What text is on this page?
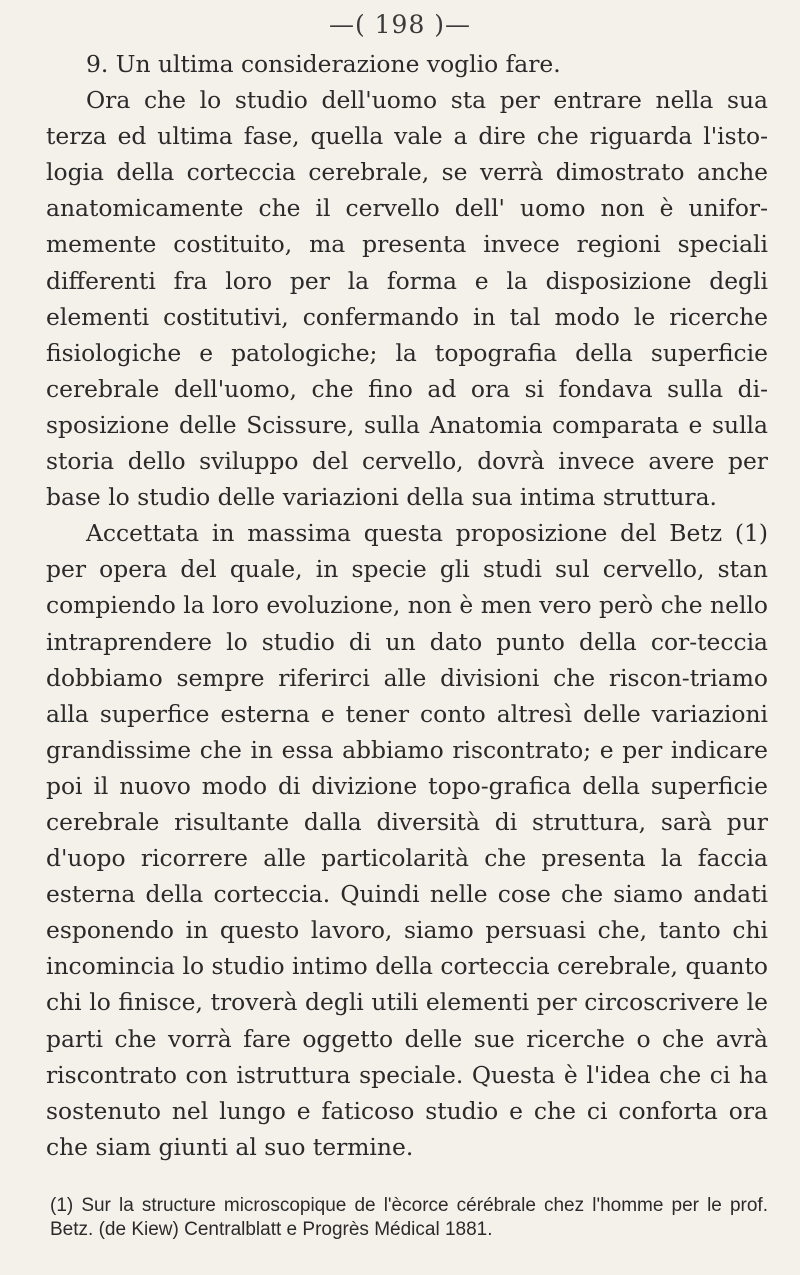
—( 198 )—

9. Un ultima considerazione voglio fare.

Ora che lo studio dell'uomo sta per entrare nella sua terza ed ultima fase, quella vale a dire che riguarda l'isto-logia della corteccia cerebrale, se verrà dimostrato anche anatomicamente che il cervello dell' uomo non è unifor-memente costituito, ma presenta invece regioni speciali differenti fra loro per la forma e la disposizione degli elementi costitutivi, confermando in tal modo le ricerche fisiologiche e patologiche; la topografia della superficie cerebrale dell'uomo, che fino ad ora si fondava sulla di-sposizione delle Scissure, sulla Anatomia comparata e sulla storia dello sviluppo del cervello, dovrà invece avere per base lo studio delle variazioni della sua intima struttura.

Accettata in massima questa proposizione del Betz (1) per opera del quale, in specie gli studi sul cervello, stan compiendo la loro evoluzione, non è men vero però che nello intraprendere lo studio di un dato punto della cor-teccia dobbiamo sempre riferirci alle divisioni che riscon-triamo alla superfice esterna e tener conto altresì delle variazioni grandissime che in essa abbiamo riscontrato; e per indicare poi il nuovo modo di divizione topo-grafica della superficie cerebrale risultante dalla diversità di struttura, sarà pur d'uopo ricorrere alle particolarità che presenta la faccia esterna della corteccia. Quindi nelle cose che siamo andati esponendo in questo lavoro, siamo persuasi che, tanto chi incomincia lo studio intimo della corteccia cerebrale, quanto chi lo finisce, troverà degli utili elementi per circoscrivere le parti che vorrà fare oggetto delle sue ricerche o che avrà riscontrato con istruttura speciale. Questa è l'idea che ci ha sostenuto nel lungo e faticoso studio e che ci conforta ora che siam giunti al suo termine.

(1) Sur la structure microscopique de l'ècorce cérébrale chez l'homme per le prof. Betz. (de Kiew) Centralblatt e Progrès Médical 1881.
